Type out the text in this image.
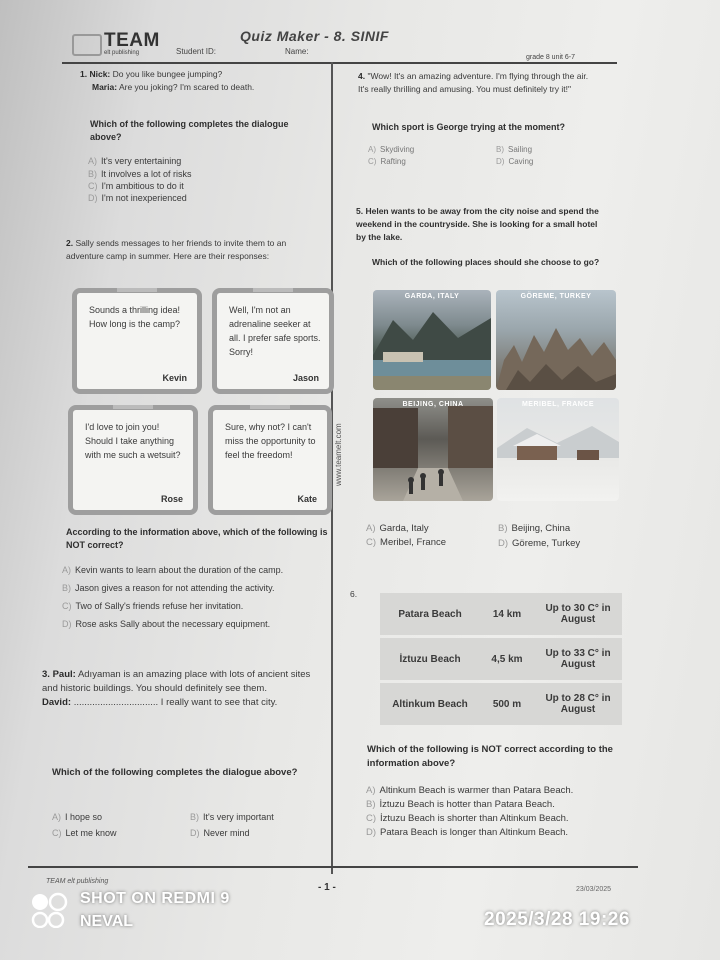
TEAM
elt publishing	Student ID:	Name:
Quiz Maker - 8. SINIF
grade 8 unit 6-7
1. Nick: Do you like bungee jumping?
Maria: Are you joking? I'm scared to death.
Which of the following completes the dialogue above?
A) It's very entertaining
B) It involves a lot of risks
C) I'm ambitious to do it
D) I'm not inexperienced
2. Sally sends messages to her friends to invite them to an adventure camp in summer. Here are their responses:
Sounds a thrilling idea! How long is the camp?
Kevin
Well, I'm not an adrenaline seeker at all. I prefer safe sports. Sorry!
Jason
I'd love to join you! Should I take anything with me such a wetsuit?
Rose
Sure, why not? I can't miss the opportunity to feel the freedom!
Kate
www.teamelt.com
According to the information above, which of the following is NOT correct?
A) Kevin wants to learn about the duration of the camp.
B) Jason gives a reason for not attending the activity.
C) Two of Sally's friends refuse her invitation.
D) Rose asks Sally about the necessary equipment.
3. Paul: Adıyaman is an amazing place with lots of ancient sites and historic buildings. You should definitely see them.
David: ................................ I really want to see that city.
Which of the following completes the dialogue above?
A) I hope so	B) It's very important
C) Let me know	D) Never mind
4. "Wow! It's an amazing adventure. I'm flying through the air. It's really thrilling and amusing. You must definitely try it!"
Which sport is George trying at the moment?
A) Skydiving	B) Sailing
C) Rafting	D) Caving
5. Helen wants to be away from the city noise and spend the weekend in the countryside. She is looking for a small hotel by the lake.
Which of the following places should she choose to go?
GARDA, ITALY	GÖREME, TURKEY
BEIJING, CHINA	MERIBEL, FRANCE
A) Garda, Italy	B) Beijing, China
C) Meribel, France	D) Göreme, Turkey
6.
Patara Beach	14 km	Up to 30 C° in August
İztuzu Beach	4,5 km	Up to 33 C° in August
Altinkum Beach	500 m	Up to 28 C° in August
Which of the following is NOT correct according to the information above?
A) Altinkum Beach is warmer than Patara Beach.
B) İztuzu Beach is hotter than Patara Beach.
C) İztuzu Beach is shorter than Altinkum Beach.
D) Patara Beach is longer than Altinkum Beach.
TEAM elt publishing
- 1 -	23/03/2025
SHOT ON REDMI 9
NEVAL	2025/3/28 19:26
